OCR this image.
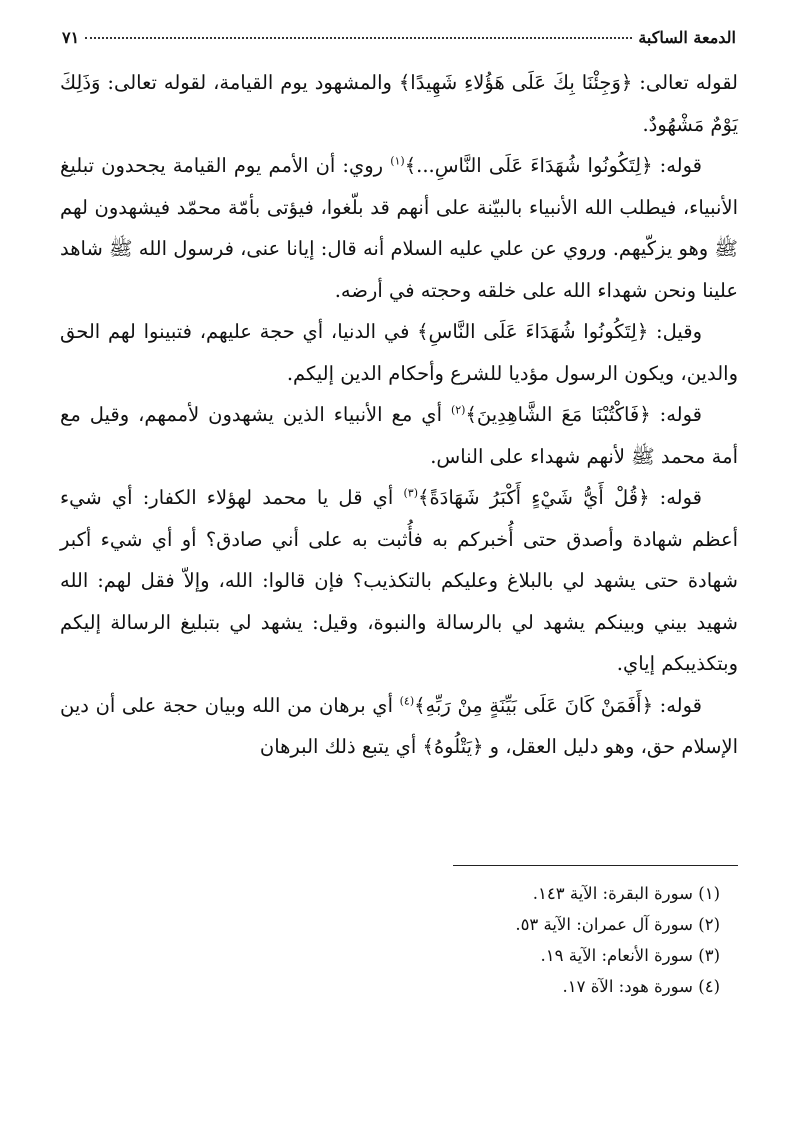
الدمعة الساكبة
٧١

لقوله تعالى: ﴿وَجِئْنَا بِكَ عَلَى هَؤُلاءِ شَهِيدًا﴾ والمشهود يوم القيامة، لقوله تعالى: وَذَلِكَ يَوْمٌ مَشْهُودٌ.

قوله: ﴿لِتَكُونُوا شُهَدَاءَ عَلَى النَّاسِ...﴾$^{(١)}$ روي: أن الأمم يوم القيامة يجحدون تبليغ الأنبياء، فيطلب الله الأنبياء بالبيّنة على أنهم قد بلّغوا، فيؤتى بأمّة محمّد فيشهدون لهم ﷺ وهو يزكّيهم. وروي عن علي عليه السلام أنه قال: إيانا عنى، فرسول الله ﷺ شاهد علينا ونحن شهداء الله على خلقه وحجته في أرضه.

وقيل: ﴿لِتَكُونُوا شُهَدَاءَ عَلَى النَّاسِ﴾ في الدنيا، أي حجة عليهم، فتبينوا لهم الحق والدين، ويكون الرسول مؤديا للشرع وأحكام الدين إليكم.

قوله: ﴿فَاكْتُبْنَا مَعَ الشَّاهِدِينَ﴾$^{(٢)}$ أي مع الأنبياء الذين يشهدون لأممهم، وقيل مع أمة محمد ﷺ لأنهم شهداء على الناس.

قوله: ﴿قُلْ أَيُّ شَيْءٍ أَكْبَرُ شَهَادَةً﴾$^{(٣)}$ أي قل يا محمد لهؤلاء الكفار: أي شيء أعظم شهادة وأصدق حتى أُخبركم به فأُثبت به على أني صادق؟ أو أي شيء أكبر شهادة حتى يشهد لي بالبلاغ وعليكم بالتكذيب؟ فإن قالوا: الله، وإلاّ فقل لهم: الله شهيد بيني وبينكم يشهد لي بالرسالة والنبوة، وقيل: يشهد لي بتبليغ الرسالة إليكم وبتكذيبكم إياي.

قوله: ﴿أَفَمَنْ كَانَ عَلَى بَيِّنَةٍ مِنْ رَبِّهِ﴾$^{(٤)}$ أي برهان من الله وبيان حجة على أن دين الإسلام حق، وهو دليل العقل، و ﴿يَتْلُوهُ﴾ أي يتبع ذلك البرهان

(١) سورة البقرة: الآية ١٤٣.
(٢) سورة آل عمران: الآية ٥٣.
(٣) سورة الأنعام: الآية ١٩.
(٤) سورة هود: الآة ١٧.
